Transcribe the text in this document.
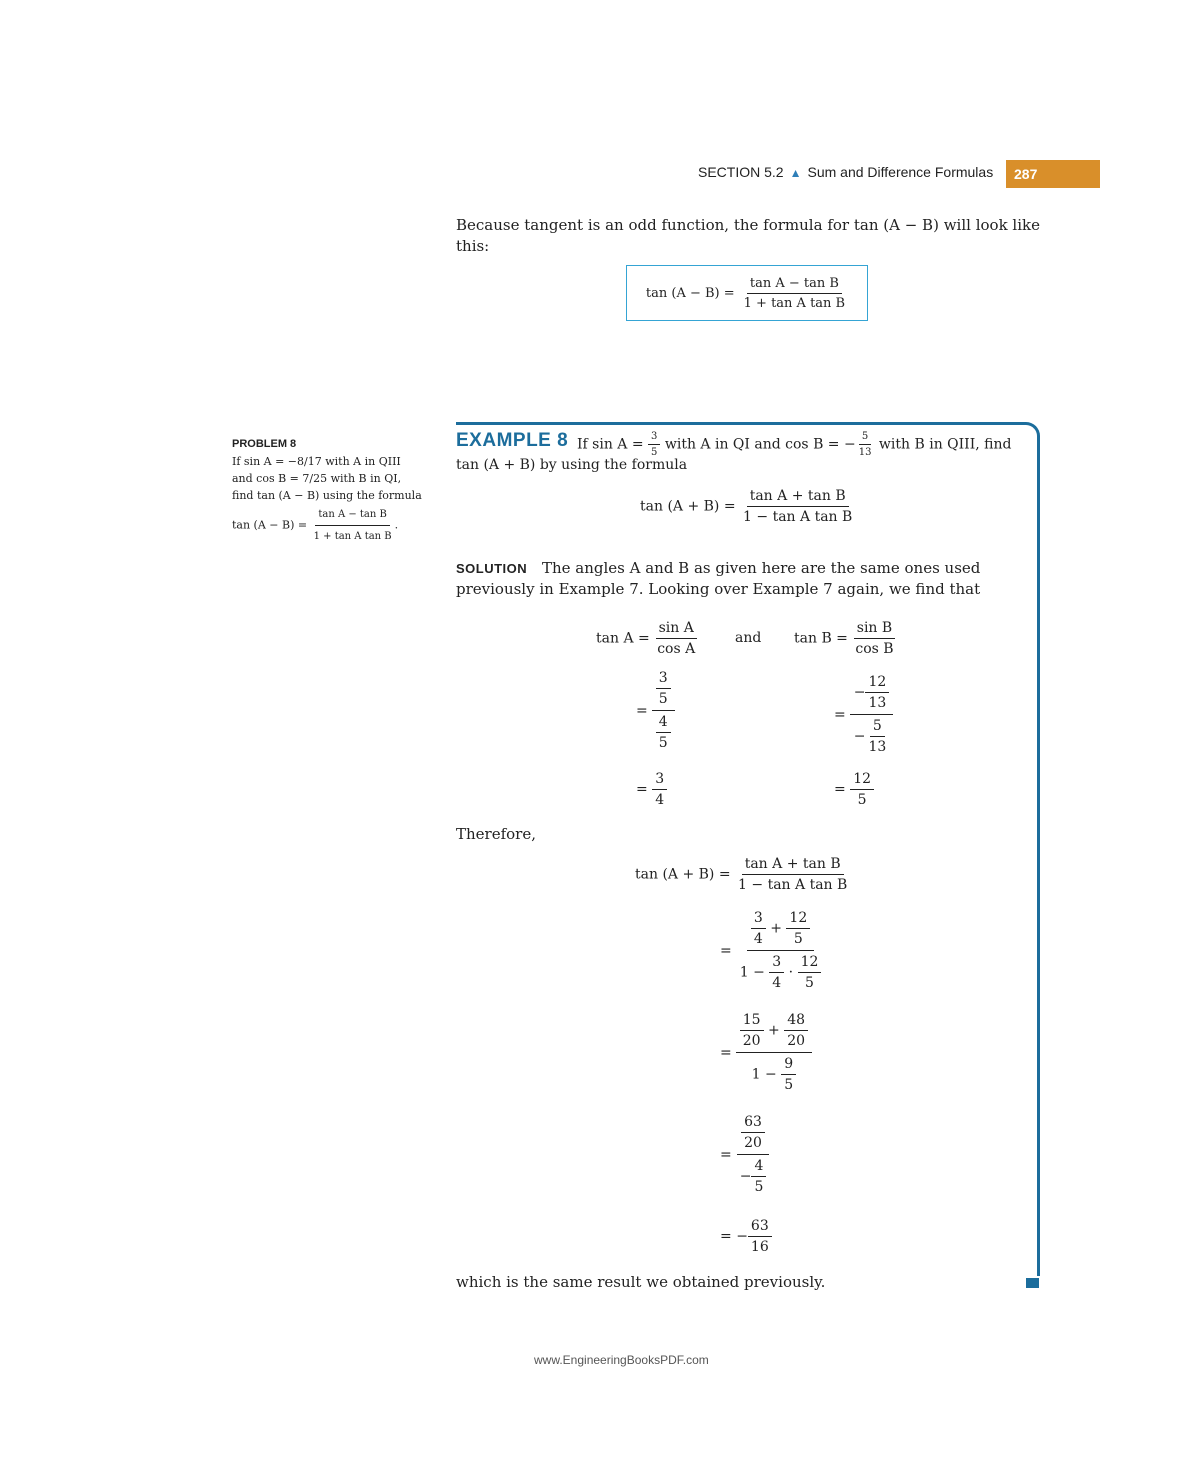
SECTION 5.2 ▲ Sum and Difference Formulas	287
Because tangent is an odd function, the formula for tan (A − B) will look like this:
$\tan (A - B) = \frac{\text{tan A − tan B}}{\text{1 + tan A tan B}}$
PROBLEM 8
If sin A = −8/17 with A in QIII
and cos B = 7/25 with B in QI,
find tan (A − B) using the formula
$\tan (A - B) = \frac{\text{tan A − tan B}}{\text{1 + tan A tan B}}$ .
EXAMPLE 8 If $\sin A = \frac{3}{5}$ with A in QI and cos B = − $\frac{5}{13}$ with B in QIII, find
tan (A + B) by using the formula
$\tan (A + B) = \frac{\text{tan A + tan B}}{\text{1 − tan A tan B}}$
SOLUTION The angles A and B as given here are the same ones used previously in Example 7. Looking over Example 7 again, we find that
$\tan A = \frac{\text{sin A}}{\text{cos A}}$	and $\tan B = \frac{\text{sin B}}{\text{cos B}}$
= $\frac{\frac{3}{5}}{\frac{4}{5}}$	= $\frac{- \frac{12}{13}}{- \frac{5}{13}}$
= $\frac{3}{4}$	= $\frac{12}{5}$
Therefore,
$\tan (A + B) = \frac{\text{tan A + tan B}}{\text{1 − tan A tan B}}$
= $\frac{\frac{3}{4} + \frac{12}{5}}{1 - \frac{3}{4} \cdot \frac{12}{5}}$
= $\frac{\frac{15}{20} + \frac{48}{20}}{1 - \frac{9}{5}}$
= $\frac{\frac{63}{20}}{- \frac{4}{5}}$
= − $\frac{63}{16}$
which is the same result we obtained previously.
www.EngineeringBooksPDF.com
